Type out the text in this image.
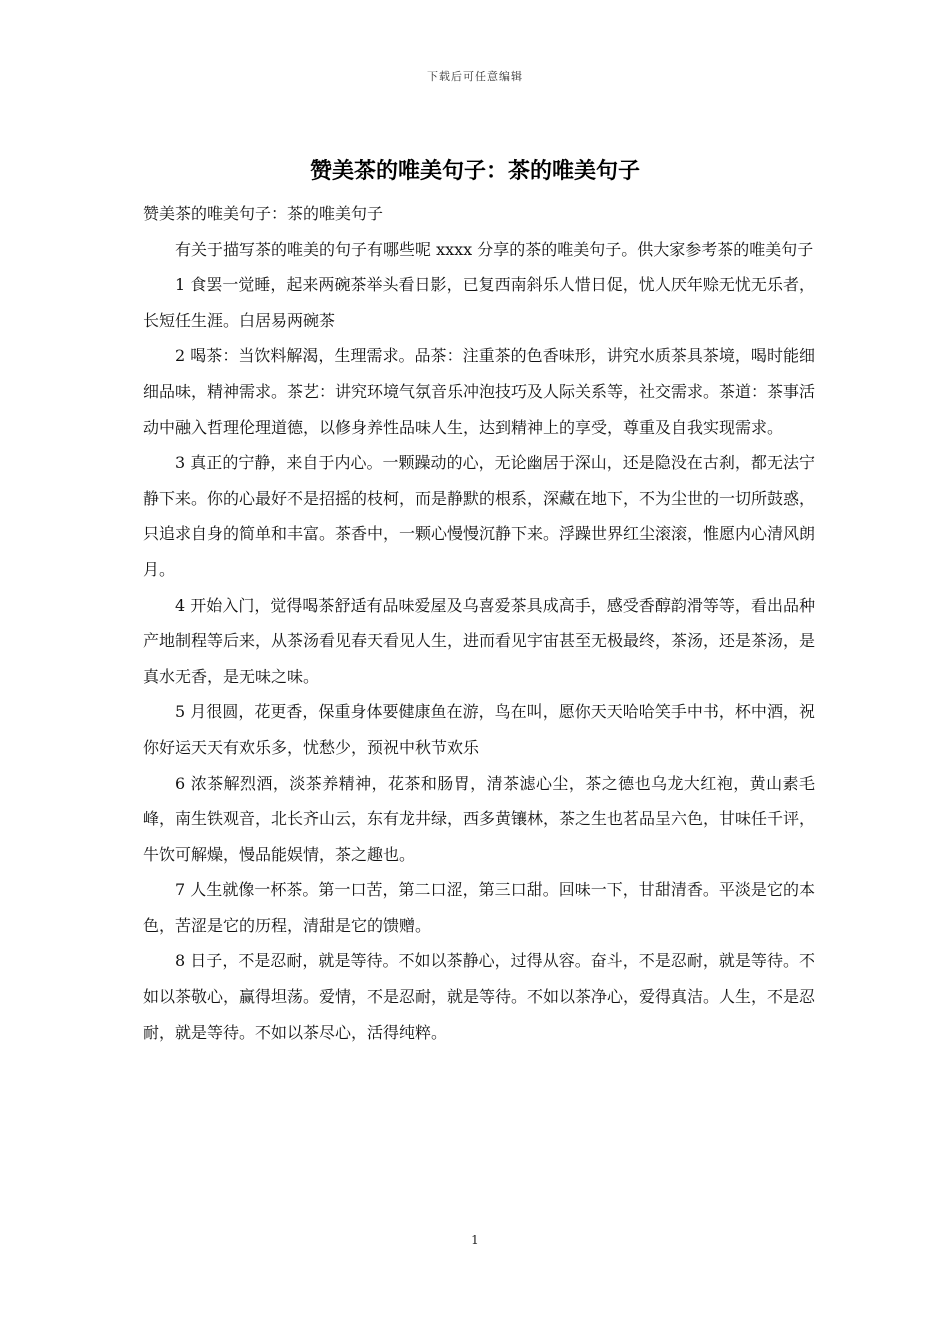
下载后可任意编辑
赞美茶的唯美句子：茶的唯美句子

赞美茶的唯美句子：茶的唯美句子

有关于描写茶的唯美的句子有哪些呢 xxxx 分享的茶的唯美句子。供大家参考茶的唯美句子

1 食罢一觉睡，起来两碗茶举头看日影，已复西南斜乐人惜日促，忧人厌年赊无忧无乐者，长短任生涯。白居易两碗茶

2 喝茶：当饮料解渴，生理需求。品茶：注重茶的色香味形，讲究水质茶具茶境，喝时能细细品味，精神需求。茶艺：讲究环境气氛音乐冲泡技巧及人际关系等，社交需求。茶道：茶事活动中融入哲理伦理道德，以修身养性品味人生，达到精神上的享受，尊重及自我实现需求。

3 真正的宁静，来自于内心。一颗躁动的心，无论幽居于深山，还是隐没在古刹，都无法宁静下来。你的心最好不是招摇的枝柯，而是静默的根系，深藏在地下，不为尘世的一切所鼓惑，只追求自身的简单和丰富。茶香中，一颗心慢慢沉静下来。浮躁世界红尘滚滚，惟愿内心清风朗月。

4 开始入门，觉得喝茶舒适有品味爱屋及乌喜爱茶具成高手，感受香醇韵滑等等，看出品种产地制程等后来，从茶汤看见春天看见人生，进而看见宇宙甚至无极最终，茶汤，还是茶汤，是真水无香，是无味之味。

5 月很圆，花更香，保重身体要健康鱼在游，鸟在叫，愿你天天哈哈笑手中书，杯中酒，祝你好运天天有欢乐多，忧愁少，预祝中秋节欢乐

6 浓茶解烈酒，淡茶养精神，花茶和肠胃，清茶滤心尘，茶之德也乌龙大红袍，黄山素毛峰，南生铁观音，北长齐山云，东有龙井绿，西多黄镶林，茶之生也茗品呈六色，甘味任千评，牛饮可解燥，慢品能娱情，茶之趣也。

7 人生就像一杯茶。第一口苦，第二口涩，第三口甜。回味一下，甘甜清香。平淡是它的本色，苦涩是它的历程，清甜是它的馈赠。

8 日子，不是忍耐，就是等待。不如以茶静心，过得从容。奋斗，不是忍耐，就是等待。不如以茶敬心，赢得坦荡。爱情，不是忍耐，就是等待。不如以茶净心，爱得真洁。人生，不是忍耐，就是等待。不如以茶尽心，活得纯粹。

1
